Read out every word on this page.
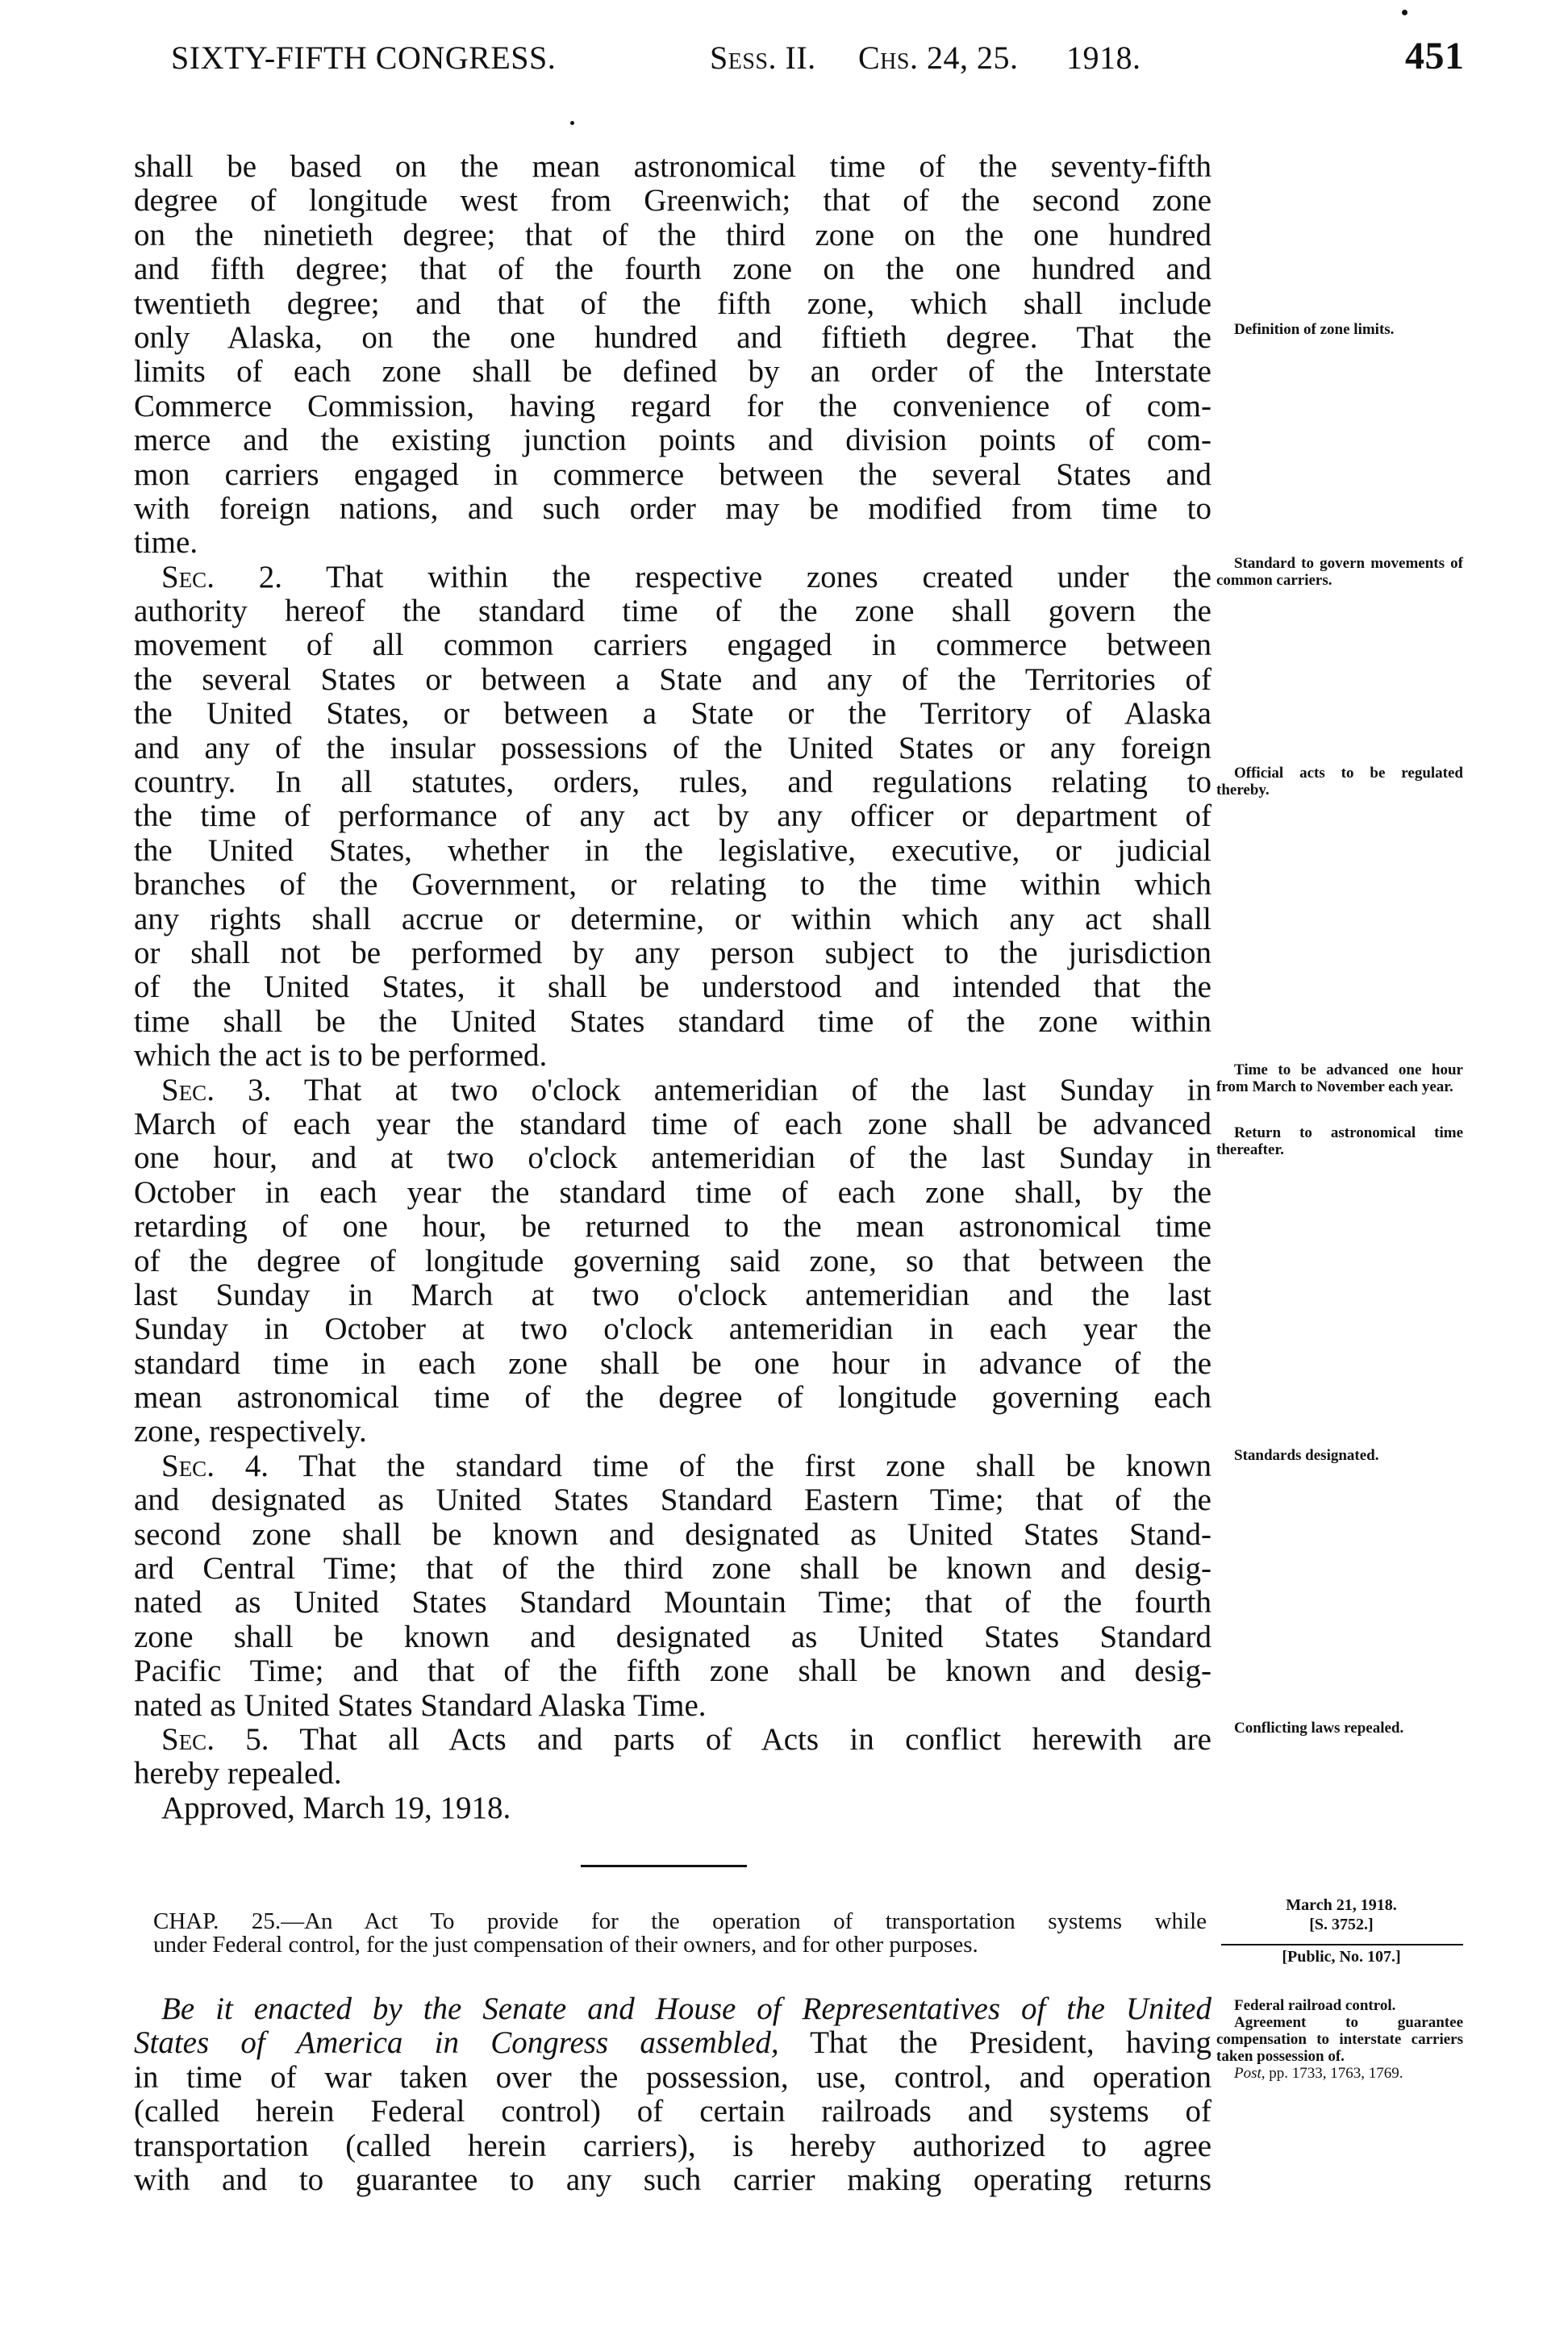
SIXTY-FIFTH CONGRESS.	Sess. II. Chs. 24, 25. 1918.	451
shall be based on the mean astronomical time of the seventy-fifth
degree of longitude west from Greenwich; that of the second zone
on the ninetieth degree; that of the third zone on the one hundred
and fifth degree; that of the fourth zone on the one hundred and
twentieth degree; and that of the fifth zone, which shall include
only Alaska, on the one hundred and fiftieth degree. That the
limits of each zone shall be defined by an order of the Interstate
Commerce Commission, having regard for the convenience of com-
merce and the existing junction points and division points of com-
mon carriers engaged in commerce between the several States and
with foreign nations, and such order may be modified from time to
time.
Sec. 2. That within the respective zones created under the
authority hereof the standard time of the zone shall govern the
movement of all common carriers engaged in commerce between
the several States or between a State and any of the Territories of
the United States, or between a State or the Territory of Alaska
and any of the insular possessions of the United States or any foreign
country. In all statutes, orders, rules, and regulations relating to
the time of performance of any act by any officer or department of
the United States, whether in the legislative, executive, or judicial
branches of the Government, or relating to the time within which
any rights shall accrue or determine, or within which any act shall
or shall not be performed by any person subject to the jurisdiction
of the United States, it shall be understood and intended that the
time shall be the United States standard time of the zone within
which the act is to be performed.
Sec. 3. That at two o'clock antemeridian of the last Sunday in
March of each year the standard time of each zone shall be advanced
one hour, and at two o'clock antemeridian of the last Sunday in
October in each year the standard time of each zone shall, by the
retarding of one hour, be returned to the mean astronomical time
of the degree of longitude governing said zone, so that between the
last Sunday in March at two o'clock antemeridian and the last
Sunday in October at two o'clock antemeridian in each year the
standard time in each zone shall be one hour in advance of the
mean astronomical time of the degree of longitude governing each
zone, respectively.
Sec. 4. That the standard time of the first zone shall be known
and designated as United States Standard Eastern Time; that of the
second zone shall be known and designated as United States Stand-
ard Central Time; that of the third zone shall be known and desig-
nated as United States Standard Mountain Time; that of the fourth
zone shall be known and designated as United States Standard
Pacific Time; and that of the fifth zone shall be known and desig-
nated as United States Standard Alaska Time.
Sec. 5. That all Acts and parts of Acts in conflict herewith are
hereby repealed.
Approved, March 19, 1918.
Definition of zone limits.
Standard to govern movements of common carriers.
Official acts to be regulated thereby.
Time to be advanced one hour from March to November each year.
Return to astronomical time thereafter.
Standards designated.
Conflicting laws repealed.
CHAP. 25.—An Act To provide for the operation of transportation systems while
under Federal control, for the just compensation of their owners, and for other purposes.
March 21, 1918.
[S. 3752.]
[Public, No. 107.]
Be it enacted by the Senate and House of Representatives of the United
States of America in Congress assembled, That the President, having
in time of war taken over the possession, use, control, and operation
(called herein Federal control) of certain railroads and systems of
transportation (called herein carriers), is hereby authorized to agree
with and to guarantee to any such carrier making operating returns
Federal railroad control.
Agreement to guarantee compensation to interstate carriers taken possession of.
Post, pp. 1733, 1763, 1769.
